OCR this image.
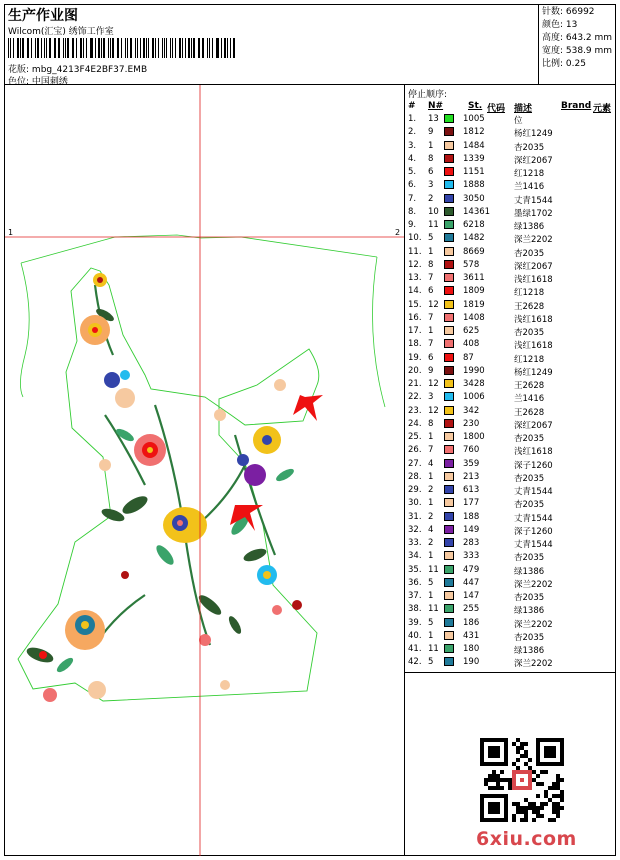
生产作业图
Wilcom(汇宝) 绣饰工作室
花版: mbg_4213F4E2BF37.EMB
色位: 中国刺绣
针数: 66992
颜色: 13
高度: 643.2 mm
宽度: 538.9 mm
比例: 0.25
1	2
停止顺序:
# N#	St. 代码 描述	Brand 元素
1. 13	1005	位
2. 9	1812	杨红1249
3. 1	1484	杏2035
4. 8	1339	深红2067
5. 6	1151	红1218
6. 3	1888	兰1416
7. 2	3050	丈青1544
8. 10	14361	墨绿1702
9. 11	6218	绿1386
10. 5	1482	深兰2202
11. 1	8669	杏2035
12. 8	578	深红2067
13. 7	3611	浅红1618
14. 6	1809	红1218
15. 12	1819	王2628
16. 7	1408	浅红1618
17. 1	625	杏2035
18. 7	408	浅红1618
19. 6	87	红1218
20. 9	1990	杨红1249
21. 12	3428	王2628
22. 3	1006	兰1416
23. 12	342	王2628
24. 8	230	深红2067
25. 1	1800	杏2035
26. 7	760	浅红1618
27. 4	359	深子1260
28. 1	213	杏2035
29. 2	613	丈青1544
30. 1	177	杏2035
31. 2	188	丈青1544
32. 4	149	深子1260
33. 2	283	丈青1544
34. 1	333	杏2035
35. 11	479	绿1386
36. 5	447	深兰2202
37. 1	147	杏2035
38. 11	255	绿1386
39. 5	186	深兰2202
40. 1	431	杏2035
41. 11	180	绿1386
42. 5	190	深兰2202
6xiu.com
